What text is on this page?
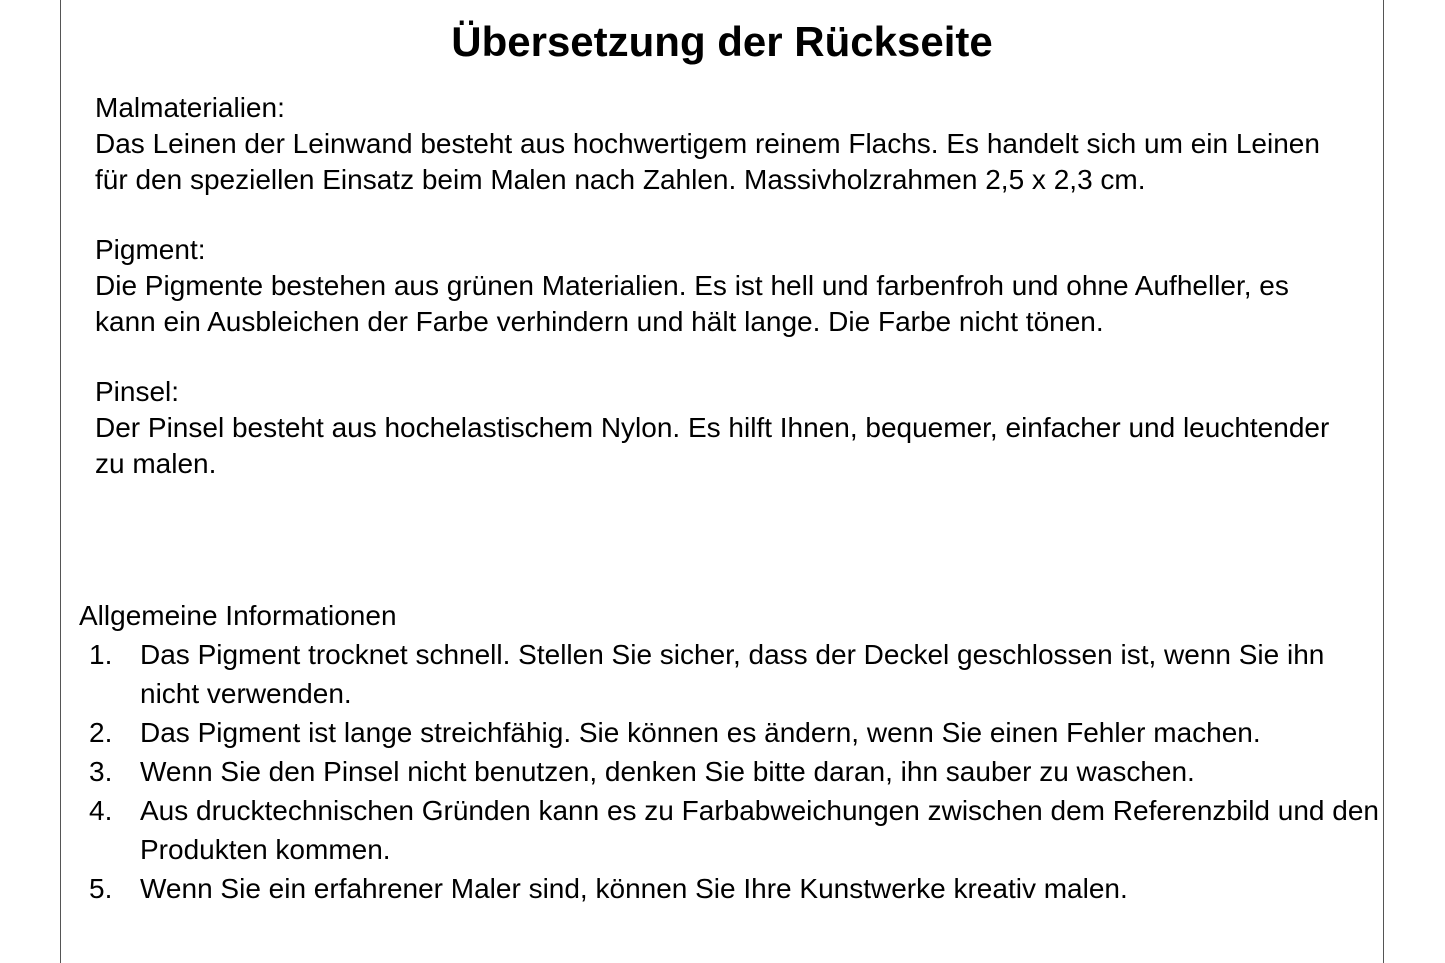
Übersetzung der Rückseite
Malmaterialien:
Das Leinen der Leinwand besteht aus hochwertigem reinem Flachs. Es handelt sich um ein Leinen für den speziellen Einsatz beim Malen nach Zahlen. Massivholzrahmen 2,5 x 2,3 cm.
Pigment:
Die Pigmente bestehen aus grünen Materialien. Es ist hell und farbenfroh und ohne Aufheller, es kann ein Ausbleichen der Farbe verhindern und hält lange. Die Farbe nicht tönen.
Pinsel:
Der Pinsel besteht aus hochelastischem Nylon. Es hilft Ihnen, bequemer, einfacher und leuchtender zu malen.
Allgemeine Informationen
1. Das Pigment trocknet schnell. Stellen Sie sicher, dass der Deckel geschlossen ist, wenn Sie ihn nicht verwenden.
2. Das Pigment ist lange streichfähig. Sie können es ändern, wenn Sie einen Fehler machen.
3. Wenn Sie den Pinsel nicht benutzen, denken Sie bitte daran, ihn sauber zu waschen.
4. Aus drucktechnischen Gründen kann es zu Farbabweichungen zwischen dem Referenzbild und den Produkten kommen.
5. Wenn Sie ein erfahrener Maler sind, können Sie Ihre Kunstwerke kreativ malen.
